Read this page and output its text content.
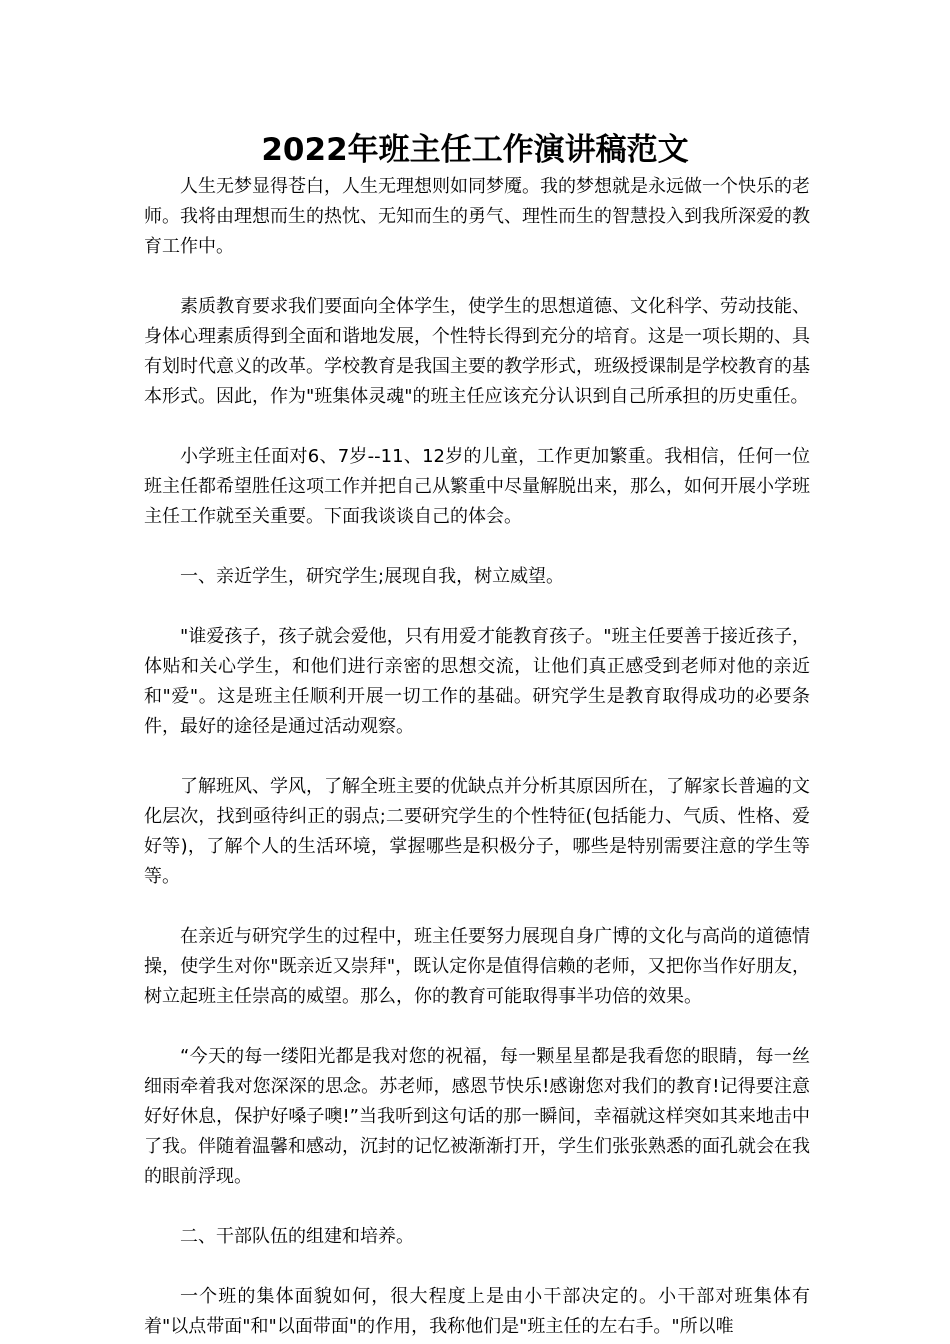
2022年班主任工作演讲稿范文

人生无梦显得苍白，人生无理想则如同梦魇。我的梦想就是永远做一个快乐的老师。我将由理想而生的热忱、无知而生的勇气、理性而生的智慧投入到我所深爱的教育工作中。

素质教育要求我们要面向全体学生，使学生的思想道德、文化科学、劳动技能、身体心理素质得到全面和谐地发展，个性特长得到充分的培育。这是一项长期的、具有划时代意义的改革。学校教育是我国主要的教学形式，班级授课制是学校教育的基本形式。因此，作为"班集体灵魂"的班主任应该充分认识到自己所承担的历史重任。

小学班主任面对6、7岁--11、12岁的儿童，工作更加繁重。我相信，任何一位班主任都希望胜任这项工作并把自己从繁重中尽量解脱出来，那么，如何开展小学班主任工作就至关重要。下面我谈谈自己的体会。

一、亲近学生，研究学生;展现自我，树立威望。

"谁爱孩子，孩子就会爱他，只有用爱才能教育孩子。"班主任要善于接近孩子，体贴和关心学生，和他们进行亲密的思想交流，让他们真正感受到老师对他的亲近和"爱"。这是班主任顺利开展一切工作的基础。研究学生是教育取得成功的必要条件，最好的途径是通过活动观察。

了解班风、学风，了解全班主要的优缺点并分析其原因所在，了解家长普遍的文化层次，找到亟待纠正的弱点;二要研究学生的个性特征(包括能力、气质、性格、爱好等)，了解个人的生活环境，掌握哪些是积极分子，哪些是特别需要注意的学生等等。

在亲近与研究学生的过程中，班主任要努力展现自身广博的文化与高尚的道德情操，使学生对你"既亲近又崇拜"，既认定你是值得信赖的老师，又把你当作好朋友，树立起班主任崇高的威望。那么，你的教育可能取得事半功倍的效果。

“今天的每一缕阳光都是我对您的祝福，每一颗星星都是我看您的眼睛，每一丝细雨牵着我对您深深的思念。苏老师，感恩节快乐!感谢您对我们的教育!记得要注意好好休息，保护好嗓子噢!”当我听到这句话的那一瞬间，幸福就这样突如其来地击中了我。伴随着温馨和感动，沉封的记忆被渐渐打开，学生们张张熟悉的面孔就会在我的眼前浮现。

二、干部队伍的组建和培养。

一个班的集体面貌如何，很大程度上是由小干部决定的。小干部对班集体有着"以点带面"和"以面带面"的作用，我称他们是"班主任的左右手。"所以唯
